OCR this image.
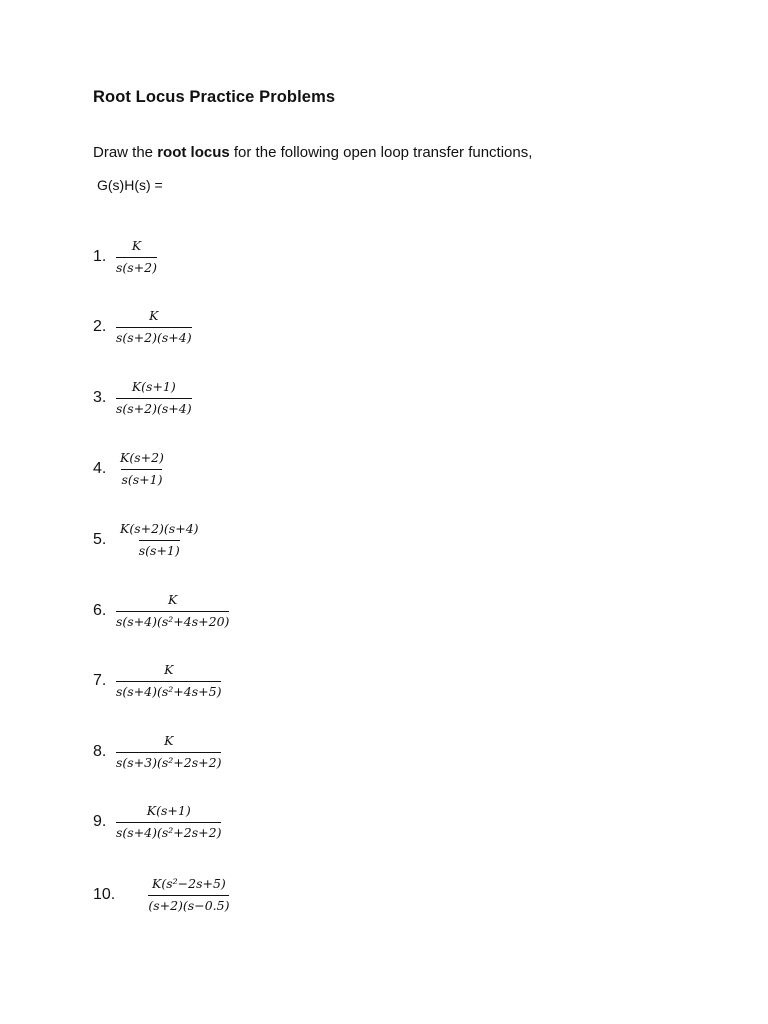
Root Locus Practice Problems

Draw the root locus for the following open loop transfer functions,

G(s)H(s) =

1. $\frac{K}{s(s+2)}$
2. $\frac{K}{s(s+2)(s+4)}$
3. $\frac{K(s+1)}{s(s+2)(s+4)}$
4. $\frac{K(s+2)}{s(s+1)}$
5. $\frac{K(s+2)(s+4)}{s(s+1)}$
6. $\frac{K}{\text{s(s+4)(s²+4s+20)}}$
7. $\frac{K}{\text{s(s+4)(s²+4s+5)}}$
8. $\frac{K}{\text{s(s+3)(s²+2s+2)}}$
9. $\frac{K(s+1)}{\text{s(s+4)(s²+2s+2)}}$
10.	$\frac{\text{K(s²−2s+5)}}{(s+2)(s-0.5)}$
